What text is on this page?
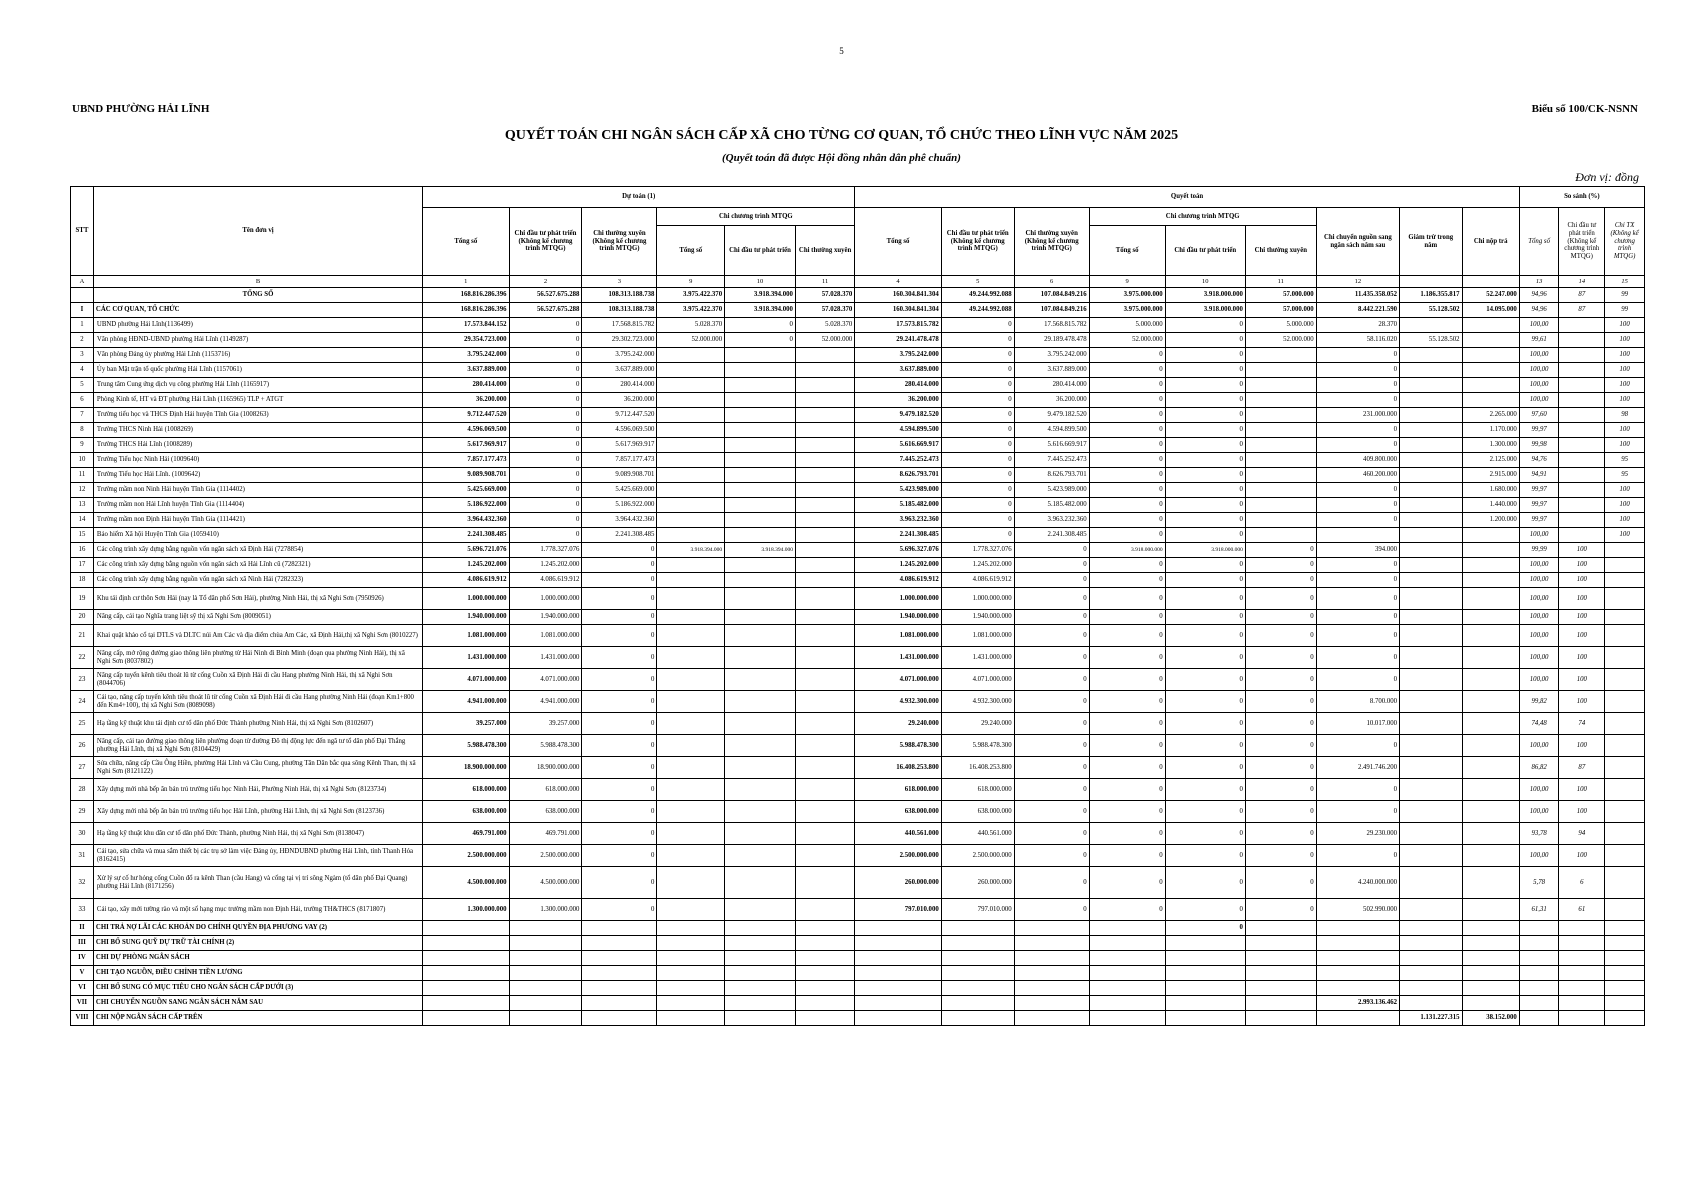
5
UBND PHƯỜNG HẢI LĨNH	Biểu số 100/CK-NSNN
QUYẾT TOÁN CHI NGÂN SÁCH CẤP XÃ CHO TỪNG CƠ QUAN, TỔ CHỨC THEO LĨNH VỰC NĂM 2025
(Quyết toán đã được Hội đồng nhân dân phê chuẩn)
Đơn vị: đồng
STT	Tên đơn vị	Dự toán (1)						Quyết toán									So sánh (%)		
		Tổng số	Chi đầu tư phát triển (Không kể chương trình MTQG)	Chi thường xuyên (Không kể chương trình MTQG)	Chi chương trình MTQG			Tổng số	Chi đầu tư phát triển (Không kể chương trình MTQG)	Chi thường xuyên (Không kể chương trình MTQG)	Chi chương trình MTQG			Chi chuyển nguồn sang ngân sách năm sau	Giảm trừ trong năm	Chi nộp trả	Tổng số	Chi đầu tư phát triển (Không kể chương trình MTQG)	Chi TX (Không kể chương trình MTQG)
					Tổng số	Chi đầu tư phát triển	Chi thường xuyên				Tổng số	Chi đầu tư phát triển	Chi thường xuyên						
A	B	1	2	3	9	10	11	4	5	6	9	10	11	12			13	14	15
	TỔNG SỐ	168.816.286.396	56.527.675.288	108.313.188.738	3.975.422.370	3.918.394.000	57.028.370	160.304.841.304	49.244.992.088	107.084.849.216	3.975.000.000	3.918.000.000	57.000.000	11.435.358.052	1.186.355.817	52.247.000	94,96	87	99
I	CÁC CƠ QUAN, TỔ CHỨC	168.816.286.396	56.527.675.288	108.313.188.738	3.975.422.370	3.918.394.000	57.028.370	160.304.841.304	49.244.992.088	107.084.849.216	3.975.000.000	3.918.000.000	57.000.000	8.442.221.590	55.128.502	14.095.000	94,96	87	99
1	UBND phường Hải Lĩnh(1136499)	17.573.844.152	0	17.568.815.782	5.028.370	0	5.028.370	17.573.815.782	0	17.568.815.782	5.000.000	0	5.000.000	28.370			100,00		100
2	Văn phòng HĐND-UBND phường Hải Lĩnh (1149287)	29.354.723.000	0	29.302.723.000	52.000.000	0	52.000.000	29.241.478.478	0	29.189.478.478	52.000.000	0	52.000.000	58.116.020	55.128.502		99,61		100
3	Văn phòng Đảng ủy phường Hải Lĩnh (1153716)	3.795.242.000	0	3.795.242.000				3.795.242.000	0	3.795.242.000	0	0		0			100,00		100
4	Ủy ban Mặt trận tổ quốc phường Hải Lĩnh (1157061)	3.637.889.000	0	3.637.889.000				3.637.889.000	0	3.637.889.000	0	0		0			100,00		100
5	Trung tâm Cung ứng dịch vụ công phường Hải Lĩnh (1165917)	280.414.000	0	280.414.000				280.414.000	0	280.414.000	0	0		0			100,00		100
6	Phòng Kinh tế, HT và ĐT phường Hải Lĩnh (1165965) TLP + ATGT	36.200.000	0	36.200.000				36.200.000	0	36.200.000	0	0		0			100,00		100
7	Trường tiểu học và THCS Định Hải huyện Tĩnh Gia (1008263)	9.712.447.520	0	9.712.447.520				9.479.182.520	0	9.479.182.520	0	0		231.000.000		2.265.000	97,60		98
8	Trường THCS Ninh Hải (1008269)	4.596.069.500	0	4.596.069.500				4.594.899.500	0	4.594.899.500	0	0		0		1.170.000	99,97		100
9	Trường THCS Hải Lĩnh (1008289)	5.617.969.917	0	5.617.969.917				5.616.669.917	0	5.616.669.917	0	0		0		1.300.000	99,98		100
10	Trường Tiểu học Ninh Hải (1009640)	7.857.177.473	0	7.857.177.473				7.445.252.473	0	7.445.252.473	0	0		409.800.000		2.125.000	94,76		95
11	Trường Tiểu học Hải Lĩnh. (1009642)	9.089.908.701	0	9.089.908.701				8.626.793.701	0	8.626.793.701	0	0		460.200.000		2.915.000	94,91		95
12	Trường mầm non Ninh Hải huyện Tĩnh Gia (1114402)	5.425.669.000	0	5.425.669.000				5.423.989.000	0	5.423.989.000	0	0		0		1.680.000	99,97		100
13	Trường mầm non Hải Lĩnh huyện Tĩnh Gia (1114404)	5.186.922.000	0	5.186.922.000				5.185.482.000	0	5.185.482.000	0	0		0		1.440.000	99,97		100
14	Trường mầm non Định Hải huyện Tĩnh Gia (1114421)	3.964.432.360	0	3.964.432.360				3.963.232.360	0	3.963.232.360	0	0		0		1.200.000	99,97		100
15	Bảo hiểm Xã hội Huyện Tĩnh Gia (1059410)	2.241.308.485	0	2.241.308.485				2.241.308.485	0	2.241.308.485	0	0					100,00		100
16	Các công trình xây dựng bằng nguồn vốn ngân sách xã Định Hải (7278854)	5.696.721.076	1.778.327.076	0	3.918.394.000	3.918.394.000		5.696.327.076	1.778.327.076	0	3.918.000.000	3.918.000.000	0	394.000			99,99	100	
17	Các công trình xây dựng bằng nguồn vốn ngân sách xã Hải Lĩnh cũ (7282321)	1.245.202.000	1.245.202.000	0				1.245.202.000	1.245.202.000	0	0	0	0	0			100,00	100	
18	Các công trình xây dựng bằng nguồn vốn ngân sách xã Ninh Hải (7282323)	4.086.619.912	4.086.619.912	0				4.086.619.912	4.086.619.912	0	0	0	0	0			100,00	100	
19	Khu tái định cư thôn Sơn Hải (nay là Tổ dân phố Sơn Hải), phường Ninh Hải, thị xã Nghi Sơn (7950926)	1.000.000.000	1.000.000.000	0				1.000.000.000	1.000.000.000	0	0	0	0	0			100,00	100	
20	Nâng cấp, cải tạo Nghĩa trang liệt sỹ thị xã Nghi Sơn (8009051)	1.940.000.000	1.940.000.000	0				1.940.000.000	1.940.000.000	0	0	0	0	0			100,00	100	
21	Khai quật khảo cổ tại DTLS và DLTC núi Am Các và địa điểm chùa Am Các, xã Định Hải,thị xã Nghi Sơn (8010227)	1.081.000.000	1.081.000.000	0				1.081.000.000	1.081.000.000	0	0	0	0	0			100,00	100	
22	Nâng cấp, mở rộng đường giao thông liên phường từ Hải Ninh đi Bình Minh (đoạn qua phường Ninh Hải), thị xã Nghi Sơn (8037802)	1.431.000.000	1.431.000.000	0				1.431.000.000	1.431.000.000	0	0	0	0	0			100,00	100	
23	Nâng cấp tuyến kênh tiêu thoát lũ từ cống Cuồn xã Định Hải đi cầu Hang phường Ninh Hải, thị xã Nghi Sơn (8044706)	4.071.000.000	4.071.000.000	0				4.071.000.000	4.071.000.000	0	0	0	0	0			100,00	100	
24	Cải tạo, nâng cấp tuyến kênh tiêu thoát lũ từ cống Cuồn xã Định Hải đi cầu Hang phường Ninh Hải (đoạn Km1+800 đến Km4+100), thị xã Nghi Sơn (8089098)	4.941.000.000	4.941.000.000	0				4.932.300.000	4.932.300.000	0	0	0	0	8.700.000			99,82	100	
25	Hạ tầng kỹ thuật khu tái định cư tổ dân phố Đức Thành phường Ninh Hải, thị xã Nghi Sơn (8102607)	39.257.000	39.257.000	0				29.240.000	29.240.000	0	0	0	0	10.017.000			74,48	74	
26	Nâng cấp, cải tạo đường giao thông liên phường đoạn từ đường Đô thị động lực đến ngã tư tổ dân phố Đại Thắng phường Hải Lĩnh, thị xã Nghi Sơn (8104429)	5.988.478.300	5.988.478.300	0				5.988.478.300	5.988.478.300	0	0	0	0	0			100,00	100	
27	Sửa chữa, nâng cấp Cầu Ông Hiền, phường Hải Lĩnh và Cầu Cung, phường Tân Dân bắc qua sông Kênh Than, thị xã Nghi Sơn (8121122)	18.900.000.000	18.900.000.000	0				16.408.253.800	16.408.253.800	0	0	0	0	2.491.746.200			86,82	87	
28	Xây dựng mới nhà bếp ăn bán trú trường tiểu học Ninh Hải, Phường Ninh Hải, thị xã Nghi Sơn (8123734)	618.000.000	618.000.000	0				618.000.000	618.000.000	0	0	0	0	0			100,00	100	
29	Xây dựng mới nhà bếp ăn bán trú trường tiểu học Hải Lĩnh, phường Hải Lĩnh, thị xã Nghi Sơn (8123736)	638.000.000	638.000.000	0				638.000.000	638.000.000	0	0	0	0	0			100,00	100	
30	Hạ tầng kỹ thuật khu dân cư tổ dân phố Đức Thành, phường Ninh Hải, thị xã Nghi Sơn (8138047)	469.791.000	469.791.000	0				440.561.000	440.561.000	0	0	0	0	29.230.000			93,78	94	
31	Cải tạo, sửa chữa và mua sắm thiết bị các trụ sở làm việc Đảng ủy, HĐNDUBND phường Hải Lĩnh, tỉnh Thanh Hóa (8162415)	2.500.000.000	2.500.000.000	0				2.500.000.000	2.500.000.000	0	0	0	0	0			100,00	100	
32	Xử lý sự cố hư hỏng cống Cuồn đổ ra kênh Than (cầu Hang) và cống tại vị trí sông Ngàm (tổ dân phố Đại Quang) phường Hải Lĩnh (8171256)	4.500.000.000	4.500.000.000	0				260.000.000	260.000.000	0	0	0	0	4.240.000.000			5,78	6	
33	Cải tạo, xây mới tường rào và một số hạng mục trường mầm non Định Hải, trường TH&THCS (8171807)	1.300.000.000	1.300.000.000	0				797.010.000	797.010.000	0	0	0	0	502.990.000			61,31	61	
II	CHI TRẢ NỢ LÃI CÁC KHOẢN DO CHÍNH QUYỀN ĐỊA PHƯƠNG VAY (2)											0							
III	CHI BỔ SUNG QUỸ DỰ TRỮ TÀI CHÍNH (2)																		
IV	CHI DỰ PHÒNG NGÂN SÁCH																		
V	CHI TẠO NGUỒN, ĐIỀU CHỈNH TIỀN LƯƠNG																		
VI	CHI BỔ SUNG CÓ MỤC TIÊU CHO NGÂN SÁCH CẤP DƯỚI (3)																		
VII	CHI CHUYỂN NGUỒN SANG NGÂN SÁCH NĂM SAU													2.993.136.462					
VIII	CHI NỘP NGÂN SÁCH CẤP TRÊN														1.131.227.315	38.152.000			
